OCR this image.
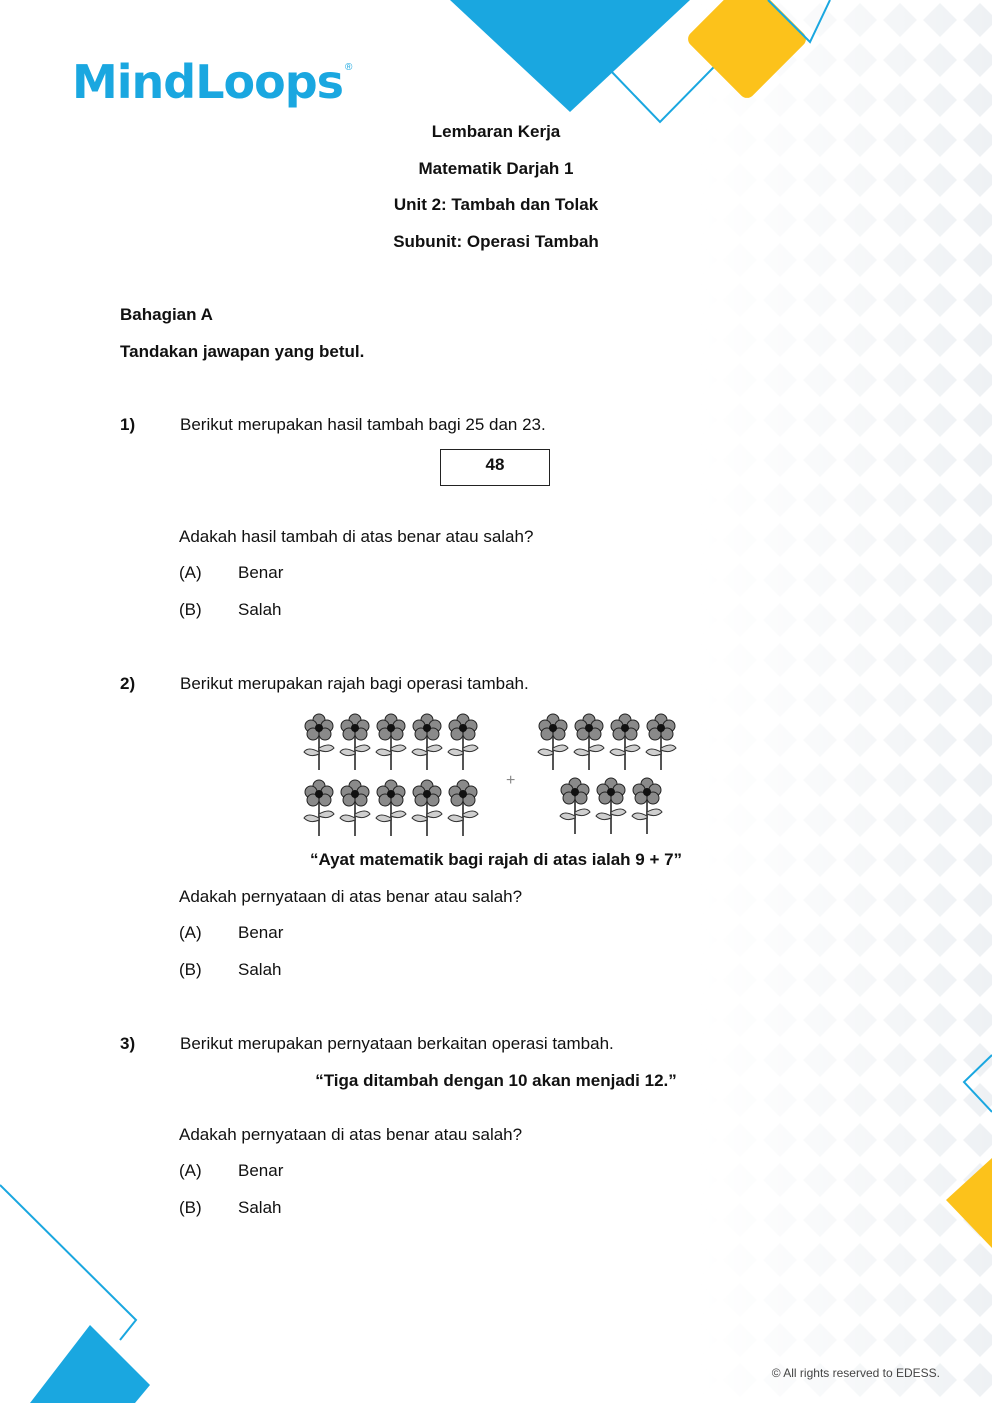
MindLoops ®
Lembaran Kerja
Matematik Darjah 1
Unit 2: Tambah dan Tolak
Subunit: Operasi Tambah
Bahagian A
Tandakan jawapan yang betul.
1)	Berikut merupakan hasil tambah bagi 25 dan 23.
48
Adakah hasil tambah di atas benar atau salah?
(A) Benar
(B) Salah
2)	Berikut merupakan rajah bagi operasi tambah.
+
“Ayat matematik bagi rajah di atas ialah 9 + 7”
Adakah pernyataan di atas benar atau salah?
(A) Benar
(B) Salah
3)	Berikut merupakan pernyataan berkaitan operasi tambah.
“Tiga ditambah dengan 10 akan menjadi 12.”
Adakah pernyataan di atas benar atau salah?
(A) Benar
(B) Salah
© All rights reserved to EDESS.
